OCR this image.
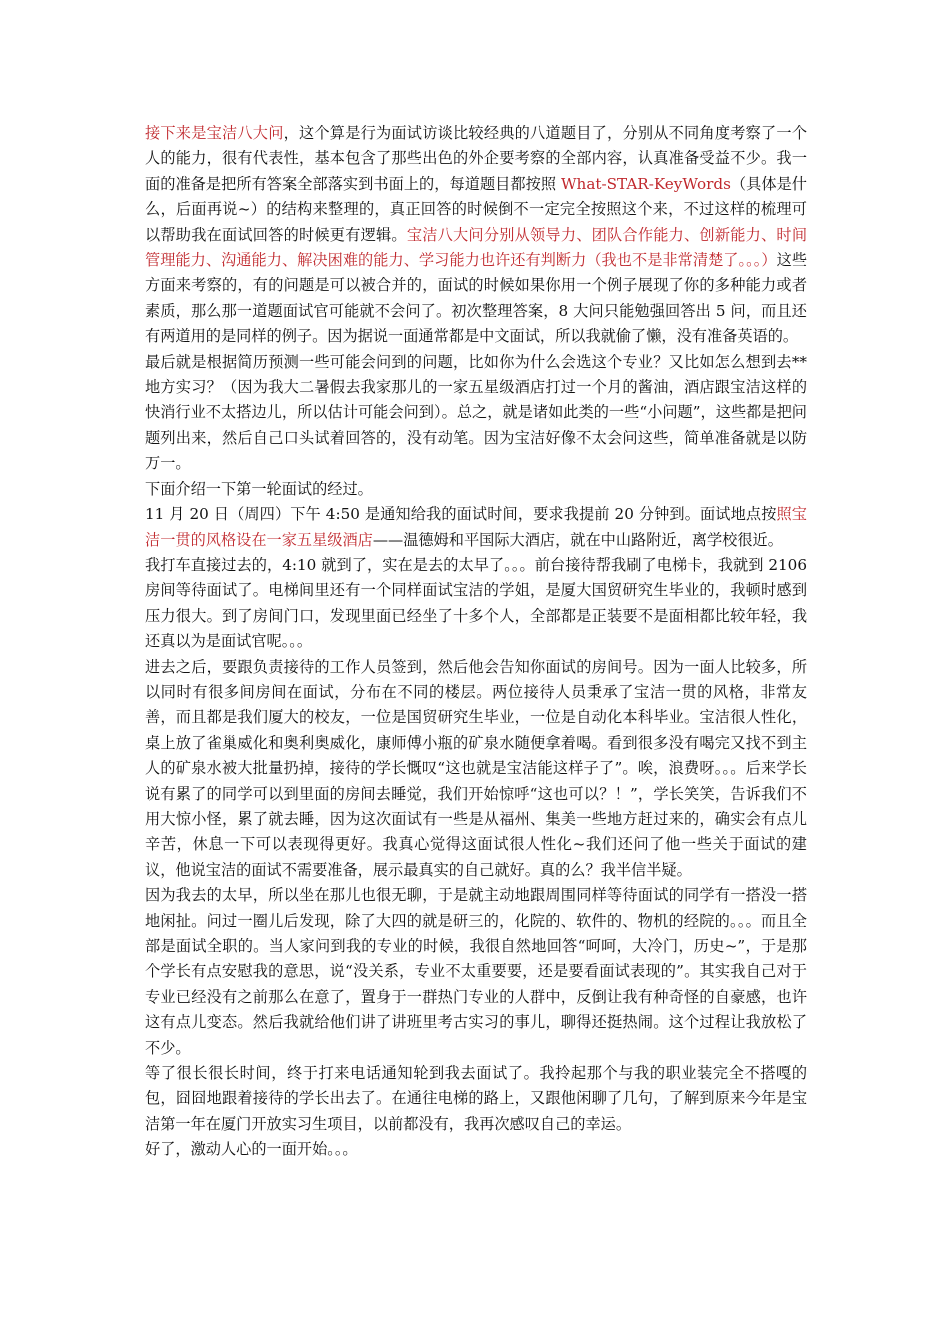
接下来是宝洁八大问，这个算是行为面试访谈比较经典的八道题目了，分别从不同角度考察了一个人的能力，很有代表性，基本包含了那些出色的外企要考察的全部内容，认真准备受益不少。我一面的准备是把所有答案全部落实到书面上的，每道题目都按照 What-STAR-KeyWords（具体是什么，后面再说~）的结构来整理的，真正回答的时候倒不一定完全按照这个来，不过这样的梳理可以帮助我在面试回答的时候更有逻辑。宝洁八大问分别从领导力、团队合作能力、创新能力、时间管理能力、沟通能力、解决困难的能力、学习能力也许还有判断力（我也不是非常清楚了。。。）这些方面来考察的，有的问题是可以被合并的，面试的时候如果你用一个例子展现了你的多种能力或者素质，那么那一道题面试官可能就不会问了。初次整理答案，8 大问只能勉强回答出 5 问，而且还有两道用的是同样的例子。因为据说一面通常都是中文面试，所以我就偷了懒，没有准备英语的。

最后就是根据简历预测一些可能会问到的问题，比如你为什么会选这个专业？又比如怎么想到去**地方实习？（因为我大二暑假去我家那儿的一家五星级酒店打过一个月的酱油，酒店跟宝洁这样的快消行业不太搭边儿，所以估计可能会问到）。总之，就是诸如此类的一些“小问题”，这些都是把问题列出来，然后自己口头试着回答的，没有动笔。因为宝洁好像不太会问这些，简单准备就是以防万一。

下面介绍一下第一轮面试的经过。

11 月 20 日（周四）下午 4:50 是通知给我的面试时间，要求我提前 20 分钟到。面试地点按照宝洁一贯的风格设在一家五星级酒店——温德姆和平国际大酒店，就在中山路附近，离学校很近。

我打车直接过去的，4:10 就到了，实在是去的太早了。。。前台接待帮我刷了电梯卡，我就到 2106 房间等待面试了。电梯间里还有一个同样面试宝洁的学姐，是厦大国贸研究生毕业的，我顿时感到压力很大。到了房间门口，发现里面已经坐了十多个人，全部都是正装要不是面相都比较年轻，我还真以为是面试官呢。。。

进去之后，要跟负责接待的工作人员签到，然后他会告知你面试的房间号。因为一面人比较多，所以同时有很多间房间在面试，分布在不同的楼层。两位接待人员秉承了宝洁一贯的风格，非常友善，而且都是我们厦大的校友，一位是国贸研究生毕业，一位是自动化本科毕业。宝洁很人性化，桌上放了雀巢威化和奥利奥威化，康师傅小瓶的矿泉水随便拿着喝。看到很多没有喝完又找不到主人的矿泉水被大批量扔掉，接待的学长慨叹“这也就是宝洁能这样子了”。唉，浪费呀。。。后来学长说有累了的同学可以到里面的房间去睡觉，我们开始惊呼“这也可以？！”，学长笑笑，告诉我们不用大惊小怪，累了就去睡，因为这次面试有一些是从福州、集美一些地方赶过来的，确实会有点儿辛苦，休息一下可以表现得更好。我真心觉得这面试很人性化~我们还问了他一些关于面试的建议，他说宝洁的面试不需要准备，展示最真实的自己就好。真的么？我半信半疑。

因为我去的太早，所以坐在那儿也很无聊，于是就主动地跟周围同样等待面试的同学有一搭没一搭地闲扯。问过一圈儿后发现，除了大四的就是研三的，化院的、软件的、物机的经院的。。。而且全部是面试全职的。当人家问到我的专业的时候，我很自然地回答“呵呵，大冷门，历史~”，于是那个学长有点安慰我的意思，说“没关系，专业不太重要要，还是要看面试表现的”。其实我自己对于专业已经没有之前那么在意了，置身于一群热门专业的人群中，反倒让我有种奇怪的自豪感，也许这有点儿变态。然后我就给他们讲了讲班里考古实习的事儿，聊得还挺热闹。这个过程让我放松了不少。

等了很长很长时间，终于打来电话通知轮到我去面试了。我拎起那个与我的职业装完全不搭嘎的包，囧囧地跟着接待的学长出去了。在通往电梯的路上，又跟他闲聊了几句，了解到原来今年是宝洁第一年在厦门开放实习生项目，以前都没有，我再次感叹自己的幸运。

好了，激动人心的一面开始。。。
